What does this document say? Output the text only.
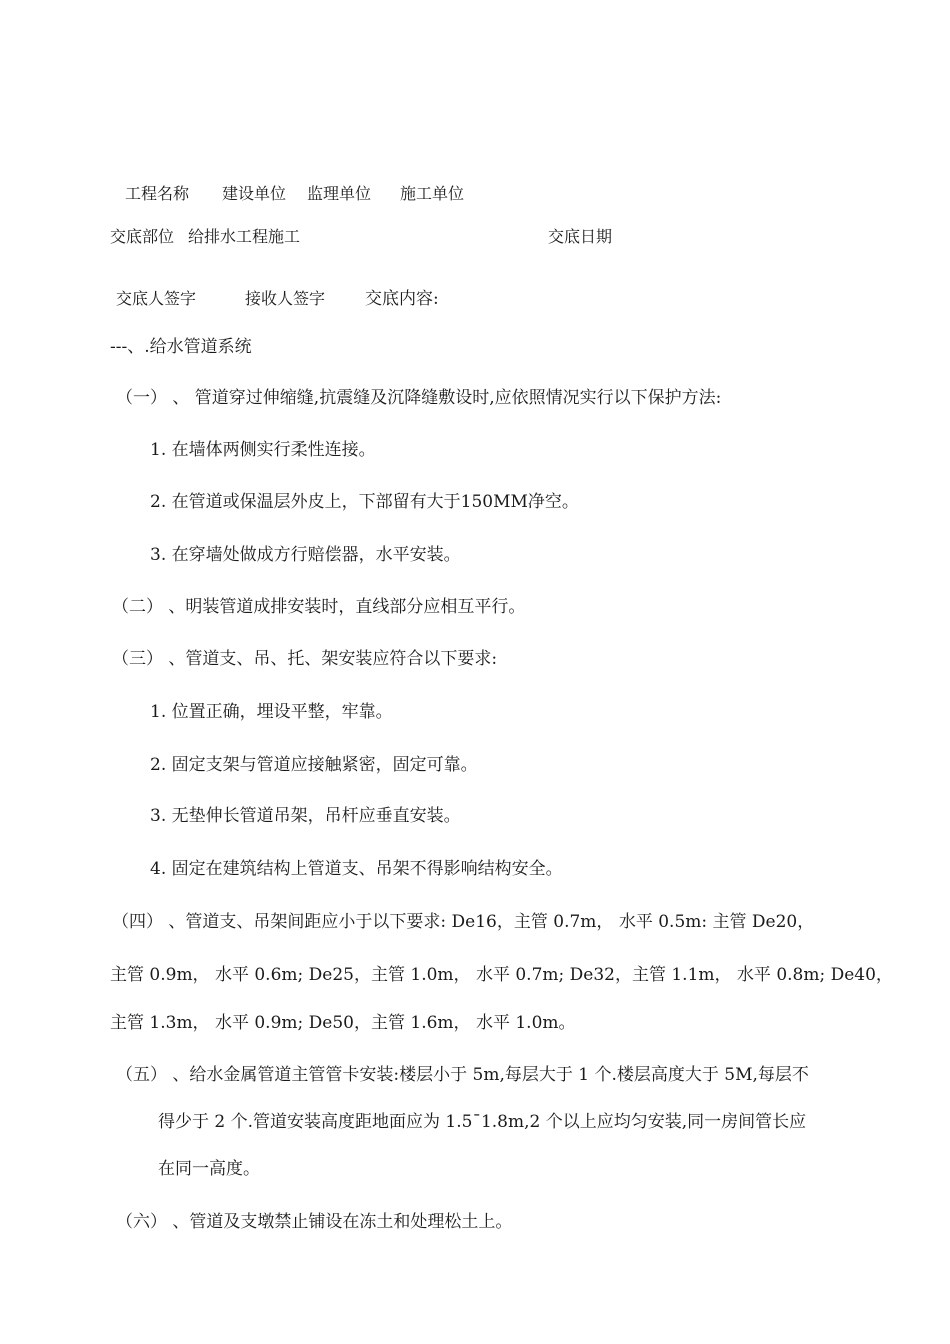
工程名称 建设单位 监理单位 施工单位
交底部位 给排水工程施工	交底日期
交底人签字	接收人签字 交底内容:
---、.给水管道系统
（一） 、 管道穿过伸缩缝,抗震缝及沉降缝敷设时,应依照情况实行以下保护方法:
1. 在墙体两侧实行柔性连接。
2. 在管道或保温层外皮上，下部留有大于150MM净空。
3. 在穿墙处做成方行赔偿器，水平安装。
（二） 、明装管道成排安装时，直线部分应相互平行。
（三） 、管道支、吊、托、架安装应符合以下要求:
1. 位置正确，埋设平整，牢靠。
2. 固定支架与管道应接触紧密，固定可靠。
3. 无垫伸长管道吊架，吊杆应垂直安装。
4. 固定在建筑结构上管道支、吊架不得影响结构安全。
（四） 、管道支、吊架间距应小于以下要求: De16，主管 0.7m， 水平 0.5m: 主管 De20，
主管 0.9m， 水平 0.6m; De25，主管 1.0m， 水平 0.7m; De32，主管 1.1m， 水平 0.8m; De40，
主管 1.3m， 水平 0.9m; De50，主管 1.6m， 水平 1.0m。
（五） 、给水金属管道主管管卡安装:楼层小于 5m,每层大于 1 个.楼层高度大于 5M,每层不
得少于 2 个.管道安装高度距地面应为 1.5ˉ1.8m,2 个以上应均匀安装,同一房间管长应
在同一高度。
（六） 、管道及支墩禁止铺设在冻土和处理松土上。
